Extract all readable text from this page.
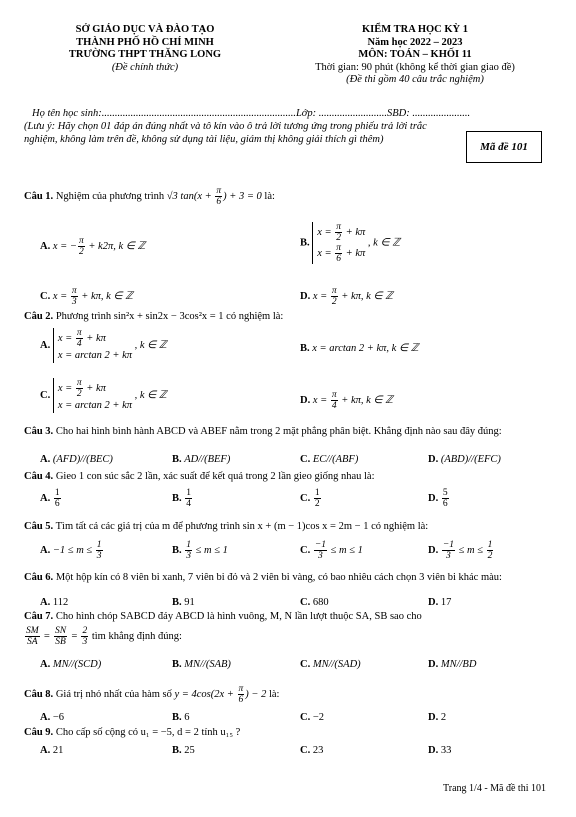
SỞ GIÁO DỤC VÀ ĐÀO TẠO
THÀNH PHỐ HỒ CHÍ MINH
TRƯỜNG THPT THĂNG LONG
(Đề chính thức)
KIỂM TRA HỌC KỲ 1
Năm học 2022 – 2023
MÔN: TOÁN – KHỐI 11
Thời gian: 90 phút (không kể thời gian giao đề)
(Đề thi gồm 40 câu trắc nghiệm)
Họ tên học sinh:..........................................................................Lớp: ..........................SBD: ......................
(Lưu ý: Hãy chọn 01 đáp án đúng nhất và tô kín vào ô trả lời tương ứng trong phiếu trả lời trắc nghiệm, không làm trên đề, không sử dụng tài liệu, giám thị không giải thích gì thêm)
Mã đề 101
Câu 1. Nghiệm của phương trình √3 $\tan(x + \frac{\pi}{6}$ ) + 3 = 0 là:
A. x = − $\frac{\pi}{2} + k2\pi$, k ∈ ℤ	B.
$x = \frac{\pi}{2} + k\pi$
$x = \frac{\pi}{6} + k\pi$
, k ∈ ℤ
C. $x = \frac{\pi}{3} + k\pi$, k ∈ ℤ	D. $x = \frac{\pi}{2} + k\pi$, k ∈ ℤ
Câu 2. Phương trình sin²x + sin2x − 3cos²x = 1 có nghiệm là:
A.
$x = \frac{\pi}{4} + k\pi$
x = arctan 2 + kπ
, k ∈ ℤ	B. x = arctan 2 + kπ, k ∈ ℤ
C.
$x = \frac{\pi}{2} + k\pi$
x = arctan 2 + kπ
, k ∈ ℤ	D. $x = \frac{\pi}{4} + k\pi$, k ∈ ℤ
Câu 3. Cho hai hình bình hành ABCD và ABEF nằm trong 2 mặt phẳng phân biệt. Khẳng định nào sau đây đúng:
A. (AFD)//(BEC)	B. AD//(BEF)	C. EC//(ABF)	D. (ABD)//(EFC)
Câu 4. Gieo 1 con súc sắc 2 lần, xác suất để kết quả trong 2 lần gieo giống nhau là:
A. $\frac{1}{6}$	B. $\frac{1}{4}$	C. $\frac{1}{2}$	D. $\frac{5}{6}$
Câu 5. Tìm tất cả các giá trị của m để phương trình sin x + (m − 1)cos x = 2m − 1 có nghiệm là:
A. $-1 \le m \le \frac{1}{3}$	B. $\frac{1}{3} \le m \le 1$	C. $\frac{-1}{3} \le m \le 1$	D. $\frac{-1}{3} \le m \le \frac{1}{2}$
Câu 6. Một hộp kín có 8 viên bi xanh, 7 viên bi đỏ và 2 viên bi vàng, có bao nhiêu cách chọn 3 viên bi khác màu:
A. 112	B. 91	C. 680	D. 17
Câu 7. Cho hình chóp SABCD đáy ABCD là hình vuông, M, N lần lượt thuộc SA, SB sao cho
$\frac{SM}{SA} = \frac{SN}{SB} = \frac{2}{3}$ tìm khẳng định đúng:
A. MN//(SCD)	B. MN//(SAB)	C. MN//(SAD)	D. MN//BD
Câu 8. Giá trị nhỏ nhất của hàm số $y = 4\cos(2x + \frac{\pi}{6}$ ) − 2 là:
A. −6	B. 6	C. −2	D. 2
Câu 9. Cho cấp số cộng có u₁ = −5, d = 2 tính u₁₅ ?
A. 21	B. 25	C. 23	D. 33
Trang 1/4 - Mã đề thi 101
